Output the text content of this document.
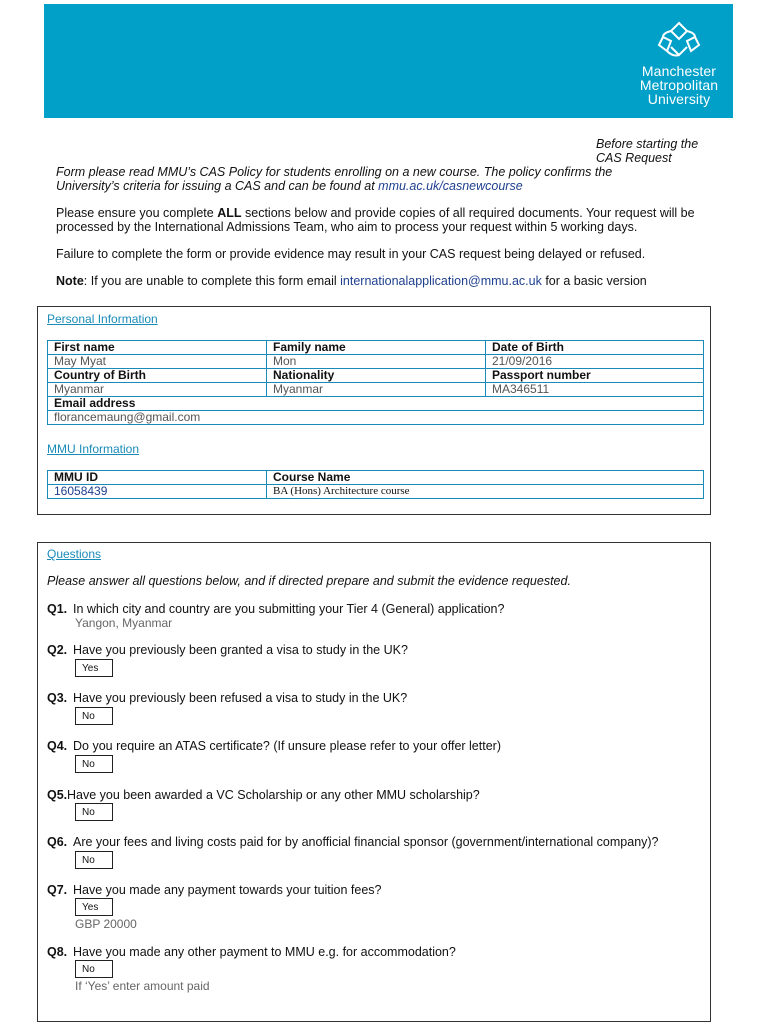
Manchester
Metropolitan
University
Before starting the CAS Request

Form please read MMU’s CAS Policy for students enrolling on a new course. The policy confirms the University’s criteria for issuing a CAS and can be found at mmu.ac.uk/casnewcourse

Please ensure you complete ALL sections below and provide copies of all required documents. Your request will be processed by the International Admissions Team, who aim to process your request within 5 working days.

Failure to complete the form or provide evidence may result in your CAS request being delayed or refused.

Note: If you are unable to complete this form email internationalapplication@mmu.ac.uk for a basic version

Personal Information
First name	Family name	Date of Birth
May Myat	Mon	21/09/2016
Country of Birth	Nationality	Passport number
Myanmar	Myanmar	MA346511
Email address		
florancemaung@gmail.com		
MMU Information
MMU ID	Course Name
16058439	BA (Hons) Architecture course
Questions
Please answer all questions below, and if directed prepare and submit the evidence requested.
Q1. In which city and country are you submitting your Tier 4 (General) application?
Yangon, Myanmar
Q2. Have you previously been granted a visa to study in the UK?
Yes
Q3. Have you previously been refused a visa to study in the UK?
No
Q4. Do you require an ATAS certificate? (If unsure please refer to your offer letter)
No
Q5.Have you been awarded a VC Scholarship or any other MMU scholarship?
No
Q6. Are your fees and living costs paid for by anofficial financial sponsor (government/international company)?
No
Q7. Have you made any payment towards your tuition fees?
Yes
GBP 20000
Q8. Have you made any other payment to MMU e.g. for accommodation?
No
If ‘Yes’ enter amount paid
